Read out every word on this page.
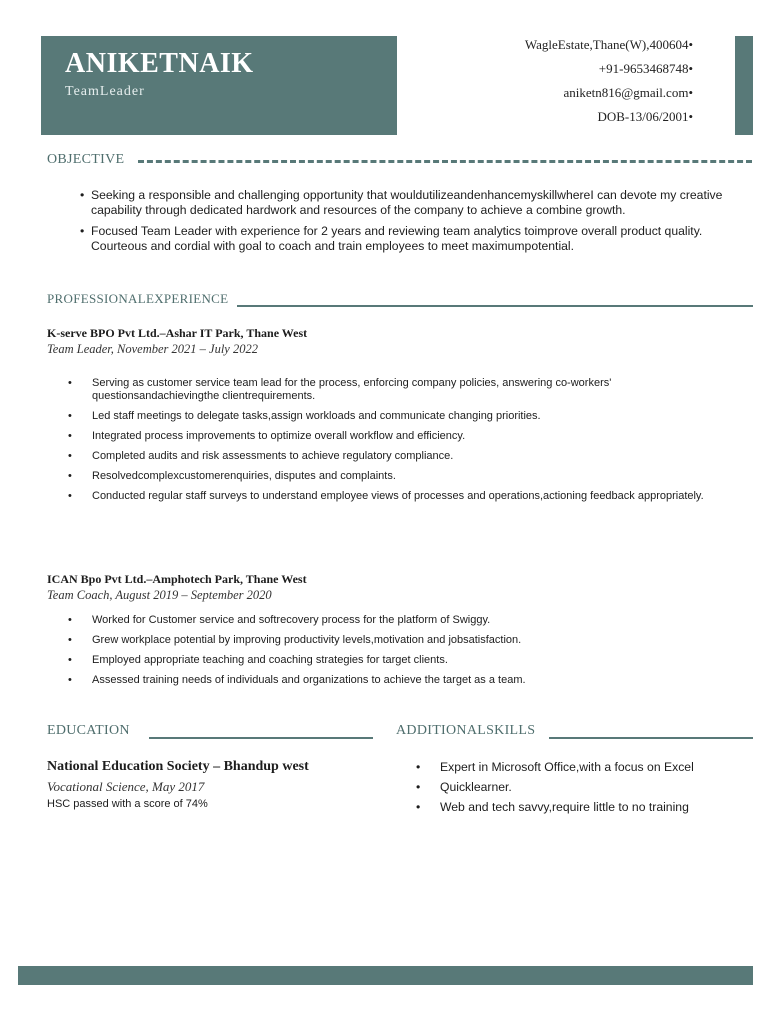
ANIKETNAIK
TeamLeader
WagleEstate,Thane(W),400604•
+91-9653468748•
aniketn816@gmail.com•
DOB-13/06/2001•
OBJECTIVE
• Seeking a responsible and challenging opportunity that wouldutilizeandenhancemyskillwhereI can devote my creative capability through dedicated hardwork and resources of the company to achieve a combine growth.
• Focused Team Leader with experience for 2 years and reviewing team analytics toimprove overall product quality. Courteous and cordial with goal to coach and train employees to meet maximumpotential.
PROFESSIONALEXPERIENCE
K-serve BPO Pvt Ltd.–Ashar IT Park, Thane West
Team Leader, November 2021 – July 2022
• Serving as customer service team lead for the process, enforcing company policies, answering co-workers' questionsandachievingthe clientrequirements.
• Led staff meetings to delegate tasks,assign workloads and communicate changing priorities.
• Integrated process improvements to optimize overall workflow and efficiency.
• Completed audits and risk assessments to achieve regulatory compliance.
• Resolvedcomplexcustomerenquiries, disputes and complaints.
• Conducted regular staff surveys to understand employee views of processes and operations,actioning feedback appropriately.
ICAN Bpo Pvt Ltd.–Amphotech Park, Thane West
Team Coach, August 2019 – September 2020
• Worked for Customer service and softrecovery process for the platform of Swiggy.
• Grew workplace potential by improving productivity levels,motivation and jobsatisfaction.
• Employed appropriate teaching and coaching strategies for target clients.
• Assessed training needs of individuals and organizations to achieve the target as a team.
EDUCATION
National Education Society – Bhandup west
Vocational Science, May 2017
HSC passed with a score of 74%
ADDITIONALSKILLS
• Expert in Microsoft Office,with a focus on Excel
• Quicklearner.
• Web and tech savvy,require little to no training
